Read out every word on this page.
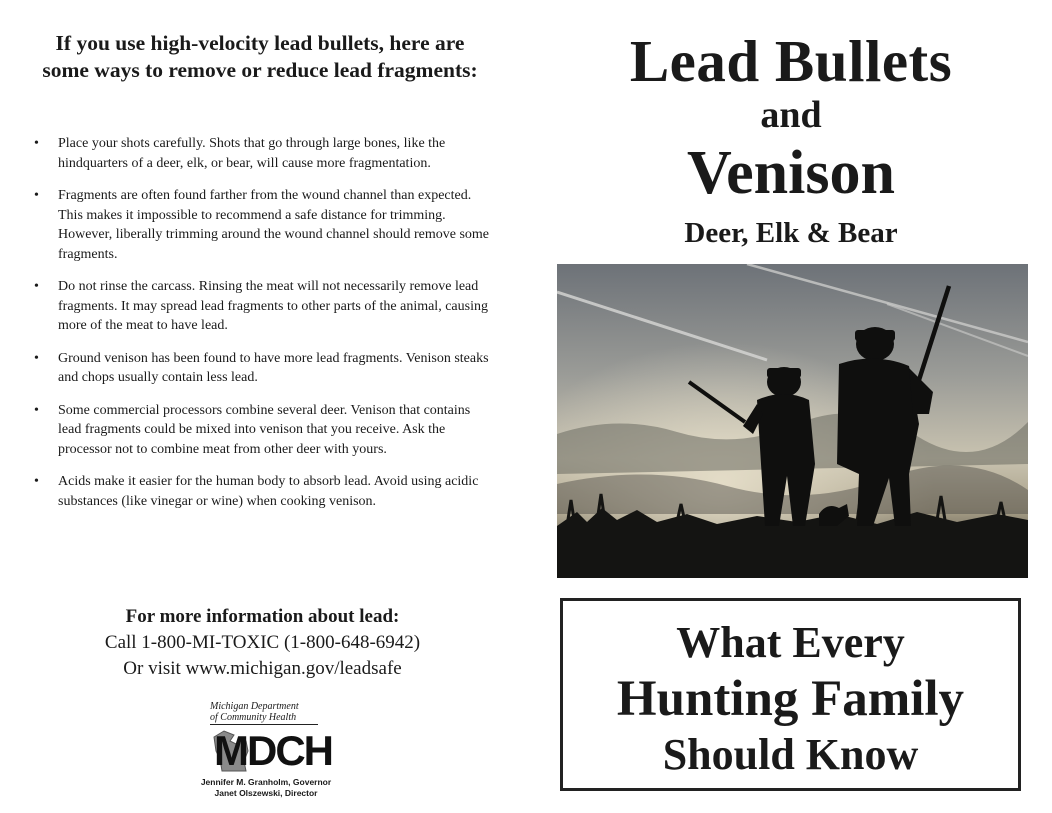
If you use high-velocity lead bullets, here are some ways to remove or reduce lead fragments:
• Place your shots carefully. Shots that go through large bones, like the hindquarters of a deer, elk, or bear, will cause more fragmentation.
• Fragments are often found farther from the wound channel than expected. This makes it impossible to recommend a safe distance for trimming. However, liberally trimming around the wound channel should remove some fragments.
• Do not rinse the carcass. Rinsing the meat will not necessarily remove lead fragments. It may spread lead fragments to other parts of the animal, causing more of the meat to have lead.
• Ground venison has been found to have more lead fragments. Venison steaks and chops usually contain less lead.
• Some commercial processors combine several deer. Venison that contains lead fragments could be mixed into venison that you receive. Ask the processor not to combine meat from other deer with yours.
• Acids make it easier for the human body to absorb lead. Avoid using acidic substances (like vinegar or wine) when cooking venison.

For more information about lead:

Call 1-800-MI-TOXIC (1-800-648-6942)

Or visit www.michigan.gov/leadsafe

Michigan Department
of Community Health
MDCH
Jennifer M. Granholm, Governor
Janet Olszewski, Director
Lead Bullets
and
Venison
Deer, Elk & Bear
What Every
Hunting Family
Should Know
